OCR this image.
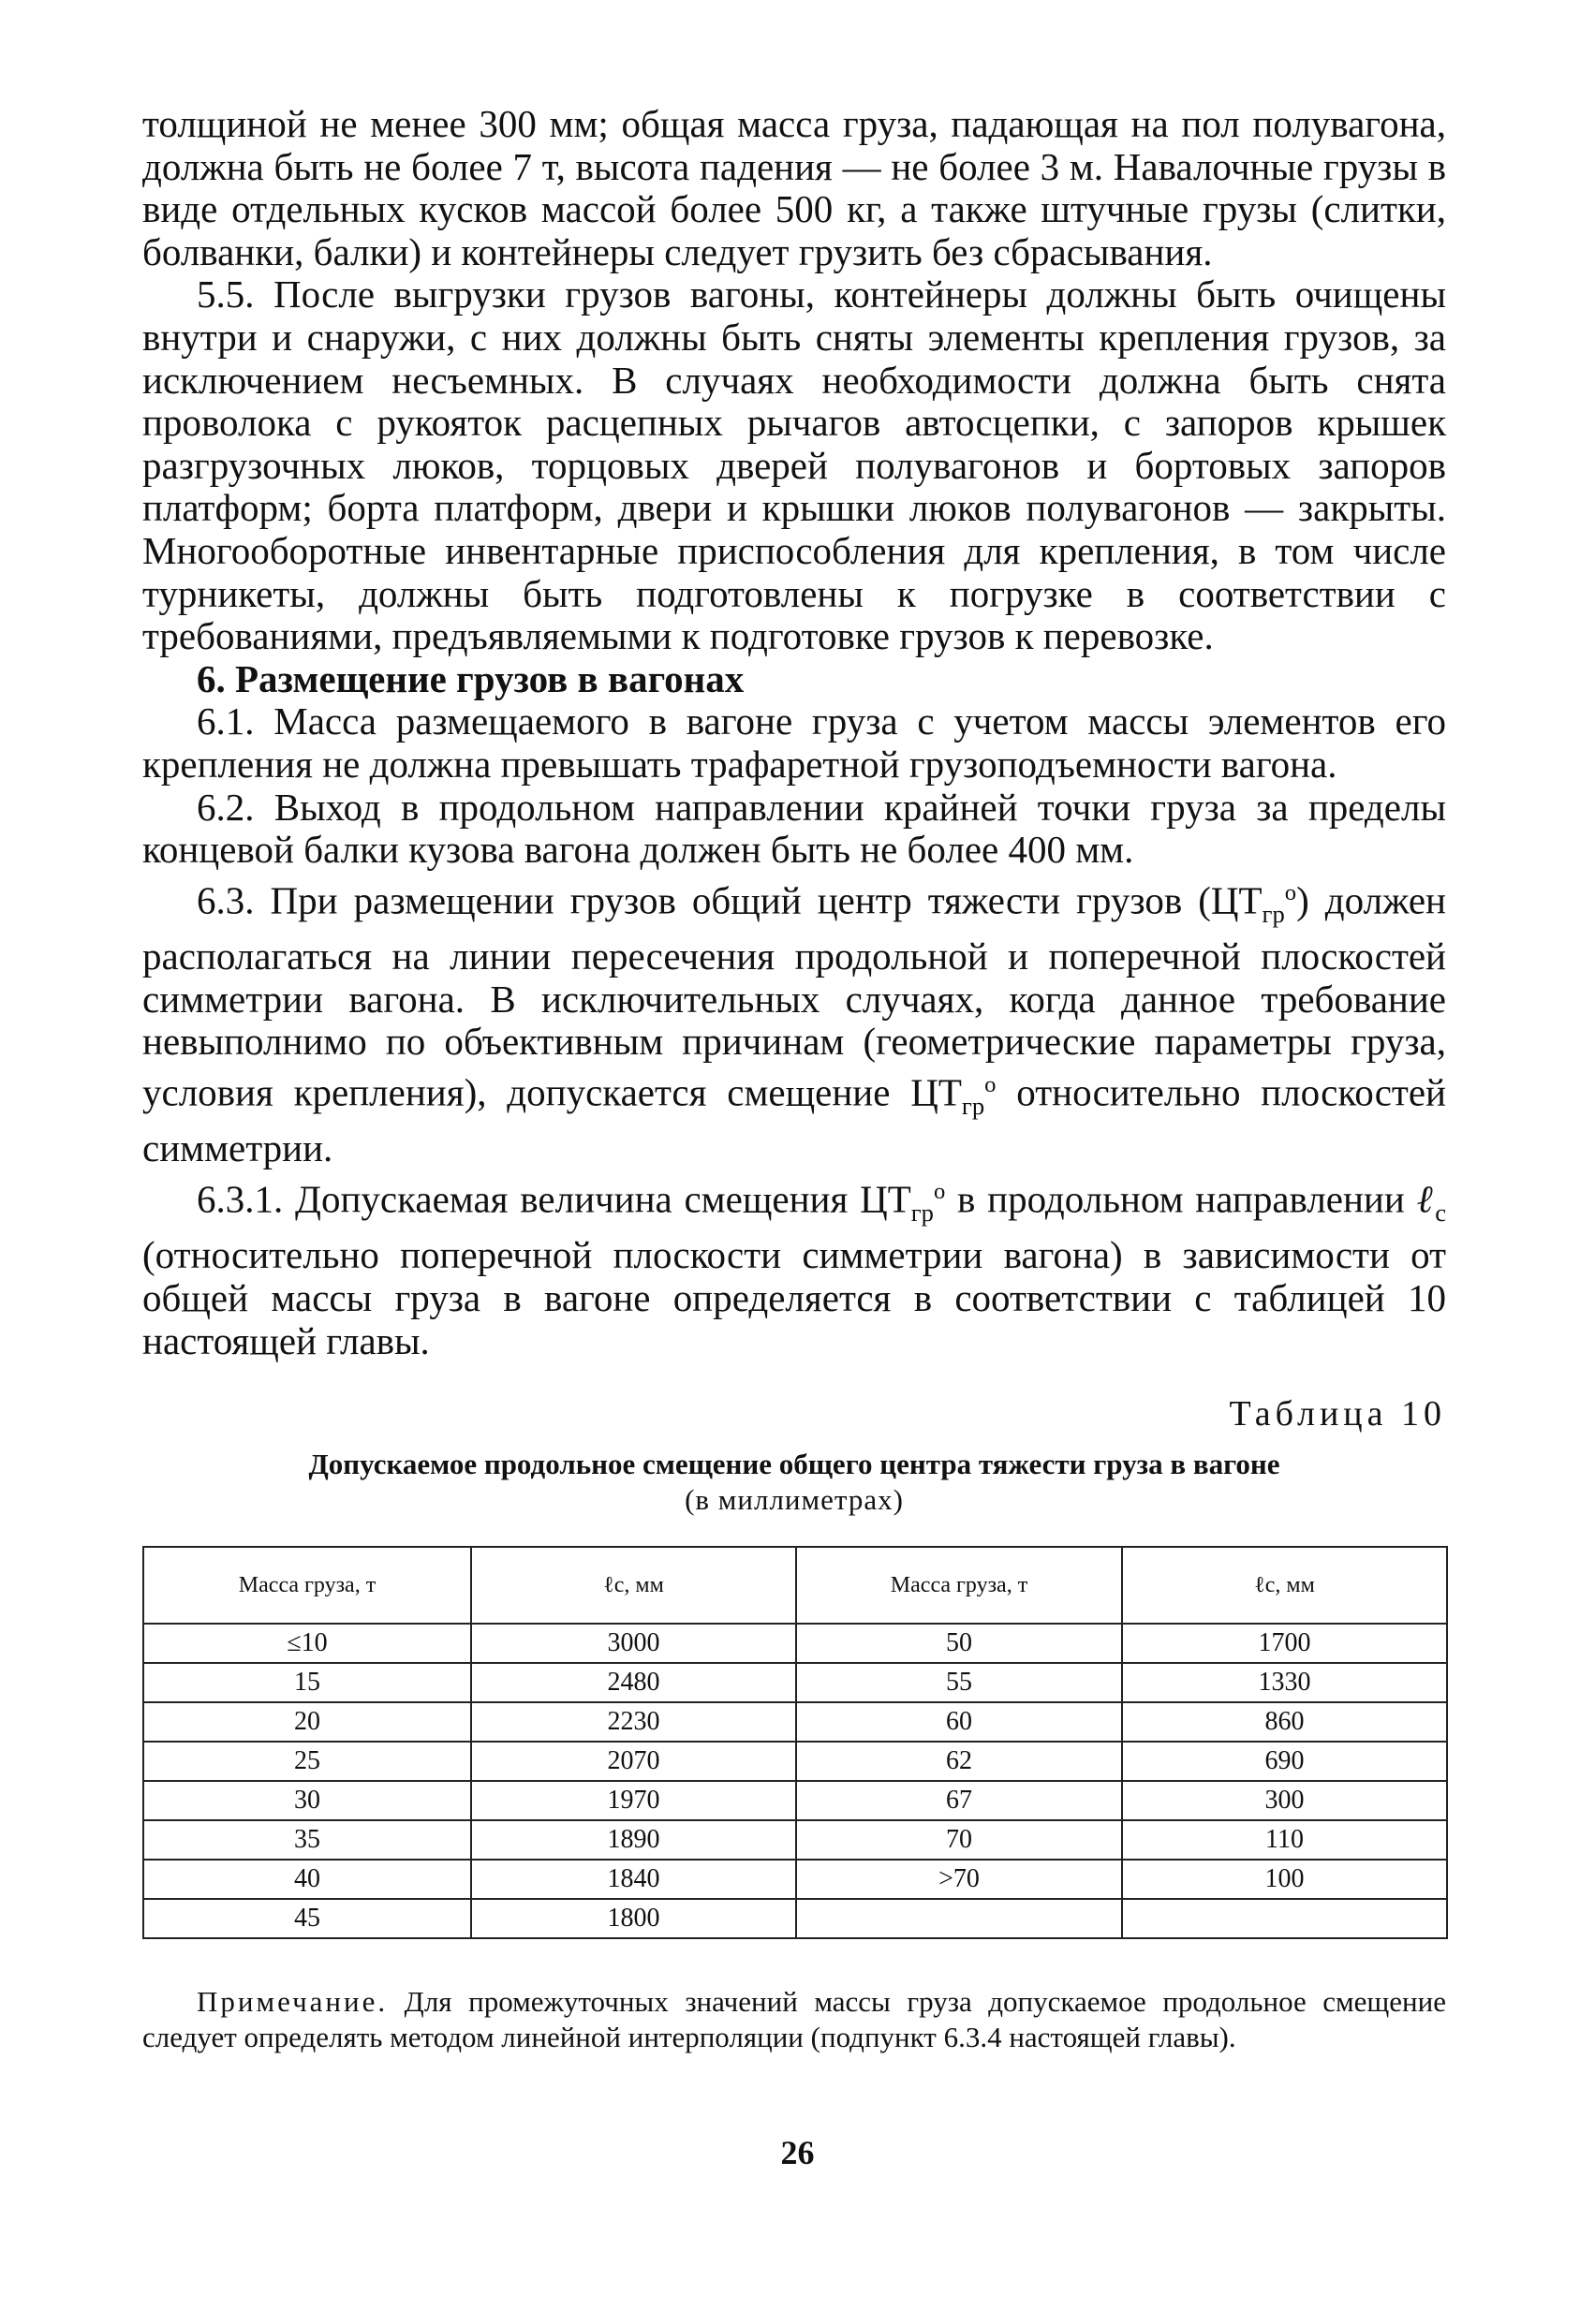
толщиной не менее 300 мм; общая масса груза, падающая на пол полувагона, должна быть не более 7 т, высота падения — не более 3 м. Навалочные грузы в виде отдельных кусков массой более 500 кг, а также штучные грузы (слитки, болванки, балки) и контейнеры следует грузить без сбрасывания.

5.5. После выгрузки грузов вагоны, контейнеры должны быть очищены внутри и снаружи, с них должны быть сняты элементы крепления грузов, за исключением несъемных. В случаях необходимости должна быть снята проволока с рукояток расцепных рычагов автосцепки, с запоров крышек разгрузочных люков, торцовых дверей полувагонов и бортовых запоров платформ; борта платформ, двери и крышки люков полувагонов — закрыты. Многооборотные инвентарные приспособления для крепления, в том числе турникеты, должны быть подготовлены к погрузке в соответствии с требованиями, предъявляемыми к подготовке грузов к перевозке.

6. Размещение грузов в вагонах

6.1. Масса размещаемого в вагоне груза с учетом массы элементов его крепления не должна превышать трафаретной грузоподъемности вагона.

6.2. Выход в продольном направлении крайней точки груза за пределы концевой балки кузова вагона должен быть не более 400 мм.

6.3. При размещении грузов общий центр тяжести грузов $(ЦТ_{гр}^о)$ должен располагаться на линии пересечения продольной и поперечной плоскостей симметрии вагона. В исключительных случаях, когда данное требование невыполнимо по объективным причинам (геометрические параметры груза, условия крепления), допускается смещение $ЦТ_{гр}^о$ относительно плоскостей симметрии.

6.3.1. Допускаемая величина смещения $ЦТ_{гр}^о$ в продольном направлении ℓ$_с$ (относительно поперечной плоскости симметрии вагона) в зависимости от общей массы груза в вагоне определяется в соответствии с таблицей 10 настоящей главы.

Таблица 10
Допускаемое продольное смещение общего центра тяжести груза в вагоне
(в миллиметрах)
Масса груза, т	ℓс, мм	Масса груза, т	ℓс, мм
≤10	3000	50	1700
15	2480	55	1330
20	2230	60	860
25	2070	62	690
30	1970	67	300
35	1890	70	110
40	1840	>70	100
45	1800		

Примечание. Для промежуточных значений массы груза допускаемое продольное смещение следует определять методом линейной интерполяции (подпункт 6.3.4 настоящей главы).

26
